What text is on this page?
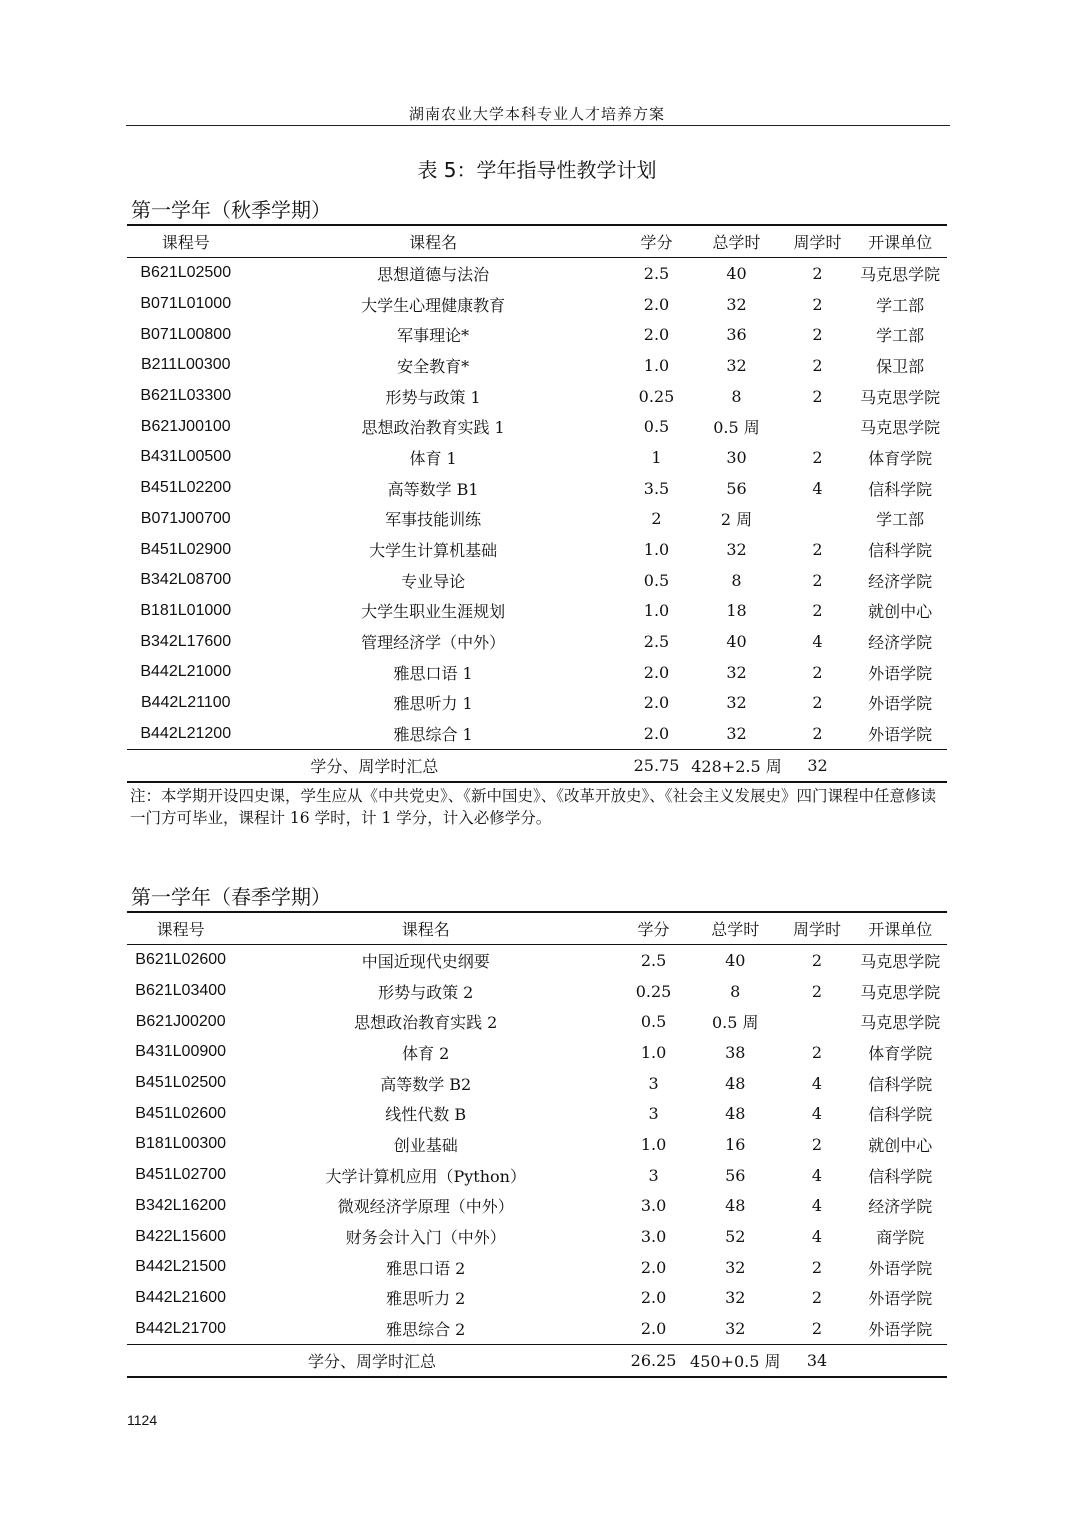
湖南农业大学本科专业人才培养方案
表 5：学年指导性教学计划
第一学年（秋季学期）
课程号	课程名	学分	总学时	周学时	开课单位
B621L02500	思想道德与法治	2.5	40	2	马克思学院
B071L01000	大学生心理健康教育	2.0	32	2	学工部
B071L00800	军事理论*	2.0	36	2	学工部
B211L00300	安全教育*	1.0	32	2	保卫部
B621L03300	形势与政策 1	0.25	8	2	马克思学院
B621J00100	思想政治教育实践 1	0.5	0.5 周		马克思学院
B431L00500	体育 1	1	30	2	体育学院
B451L02200	高等数学 B1	3.5	56	4	信科学院
B071J00700	军事技能训练	2	2 周		学工部
B451L02900	大学生计算机基础	1.0	32	2	信科学院
B342L08700	专业导论	0.5	8	2	经济学院
B181L01000	大学生职业生涯规划	1.0	18	2	就创中心
B342L17600	管理经济学（中外）	2.5	40	4	经济学院
B442L21000	雅思口语 1	2.0	32	2	外语学院
B442L21100	雅思听力 1	2.0	32	2	外语学院
B442L21200	雅思综合 1	2.0	32	2	外语学院
学分、周学时汇总		25.75	428+2.5 周	32	
注：本学期开设四史课，学生应从《中共党史》、《新中国史》、《改革开放史》、《社会主义发展史》四门课程中任意修读一门方可毕业，课程计 16 学时，计 1 学分，计入必修学分。
第一学年（春季学期）
课程号	课程名	学分	总学时	周学时	开课单位
B621L02600	中国近现代史纲要	2.5	40	2	马克思学院
B621L03400	形势与政策 2	0.25	8	2	马克思学院
B621J00200	思想政治教育实践 2	0.5	0.5 周		马克思学院
B431L00900	体育 2	1.0	38	2	体育学院
B451L02500	高等数学 B2	3	48	4	信科学院
B451L02600	线性代数 B	3	48	4	信科学院
B181L00300	创业基础	1.0	16	2	就创中心
B451L02700	大学计算机应用（Python）	3	56	4	信科学院
B342L16200	微观经济学原理（中外）	3.0	48	4	经济学院
B422L15600	财务会计入门（中外）	3.0	52	4	商学院
B442L21500	雅思口语 2	2.0	32	2	外语学院
B442L21600	雅思听力 2	2.0	32	2	外语学院
B442L21700	雅思综合 2	2.0	32	2	外语学院
学分、周学时汇总		26.25	450+0.5 周	34	
1124
